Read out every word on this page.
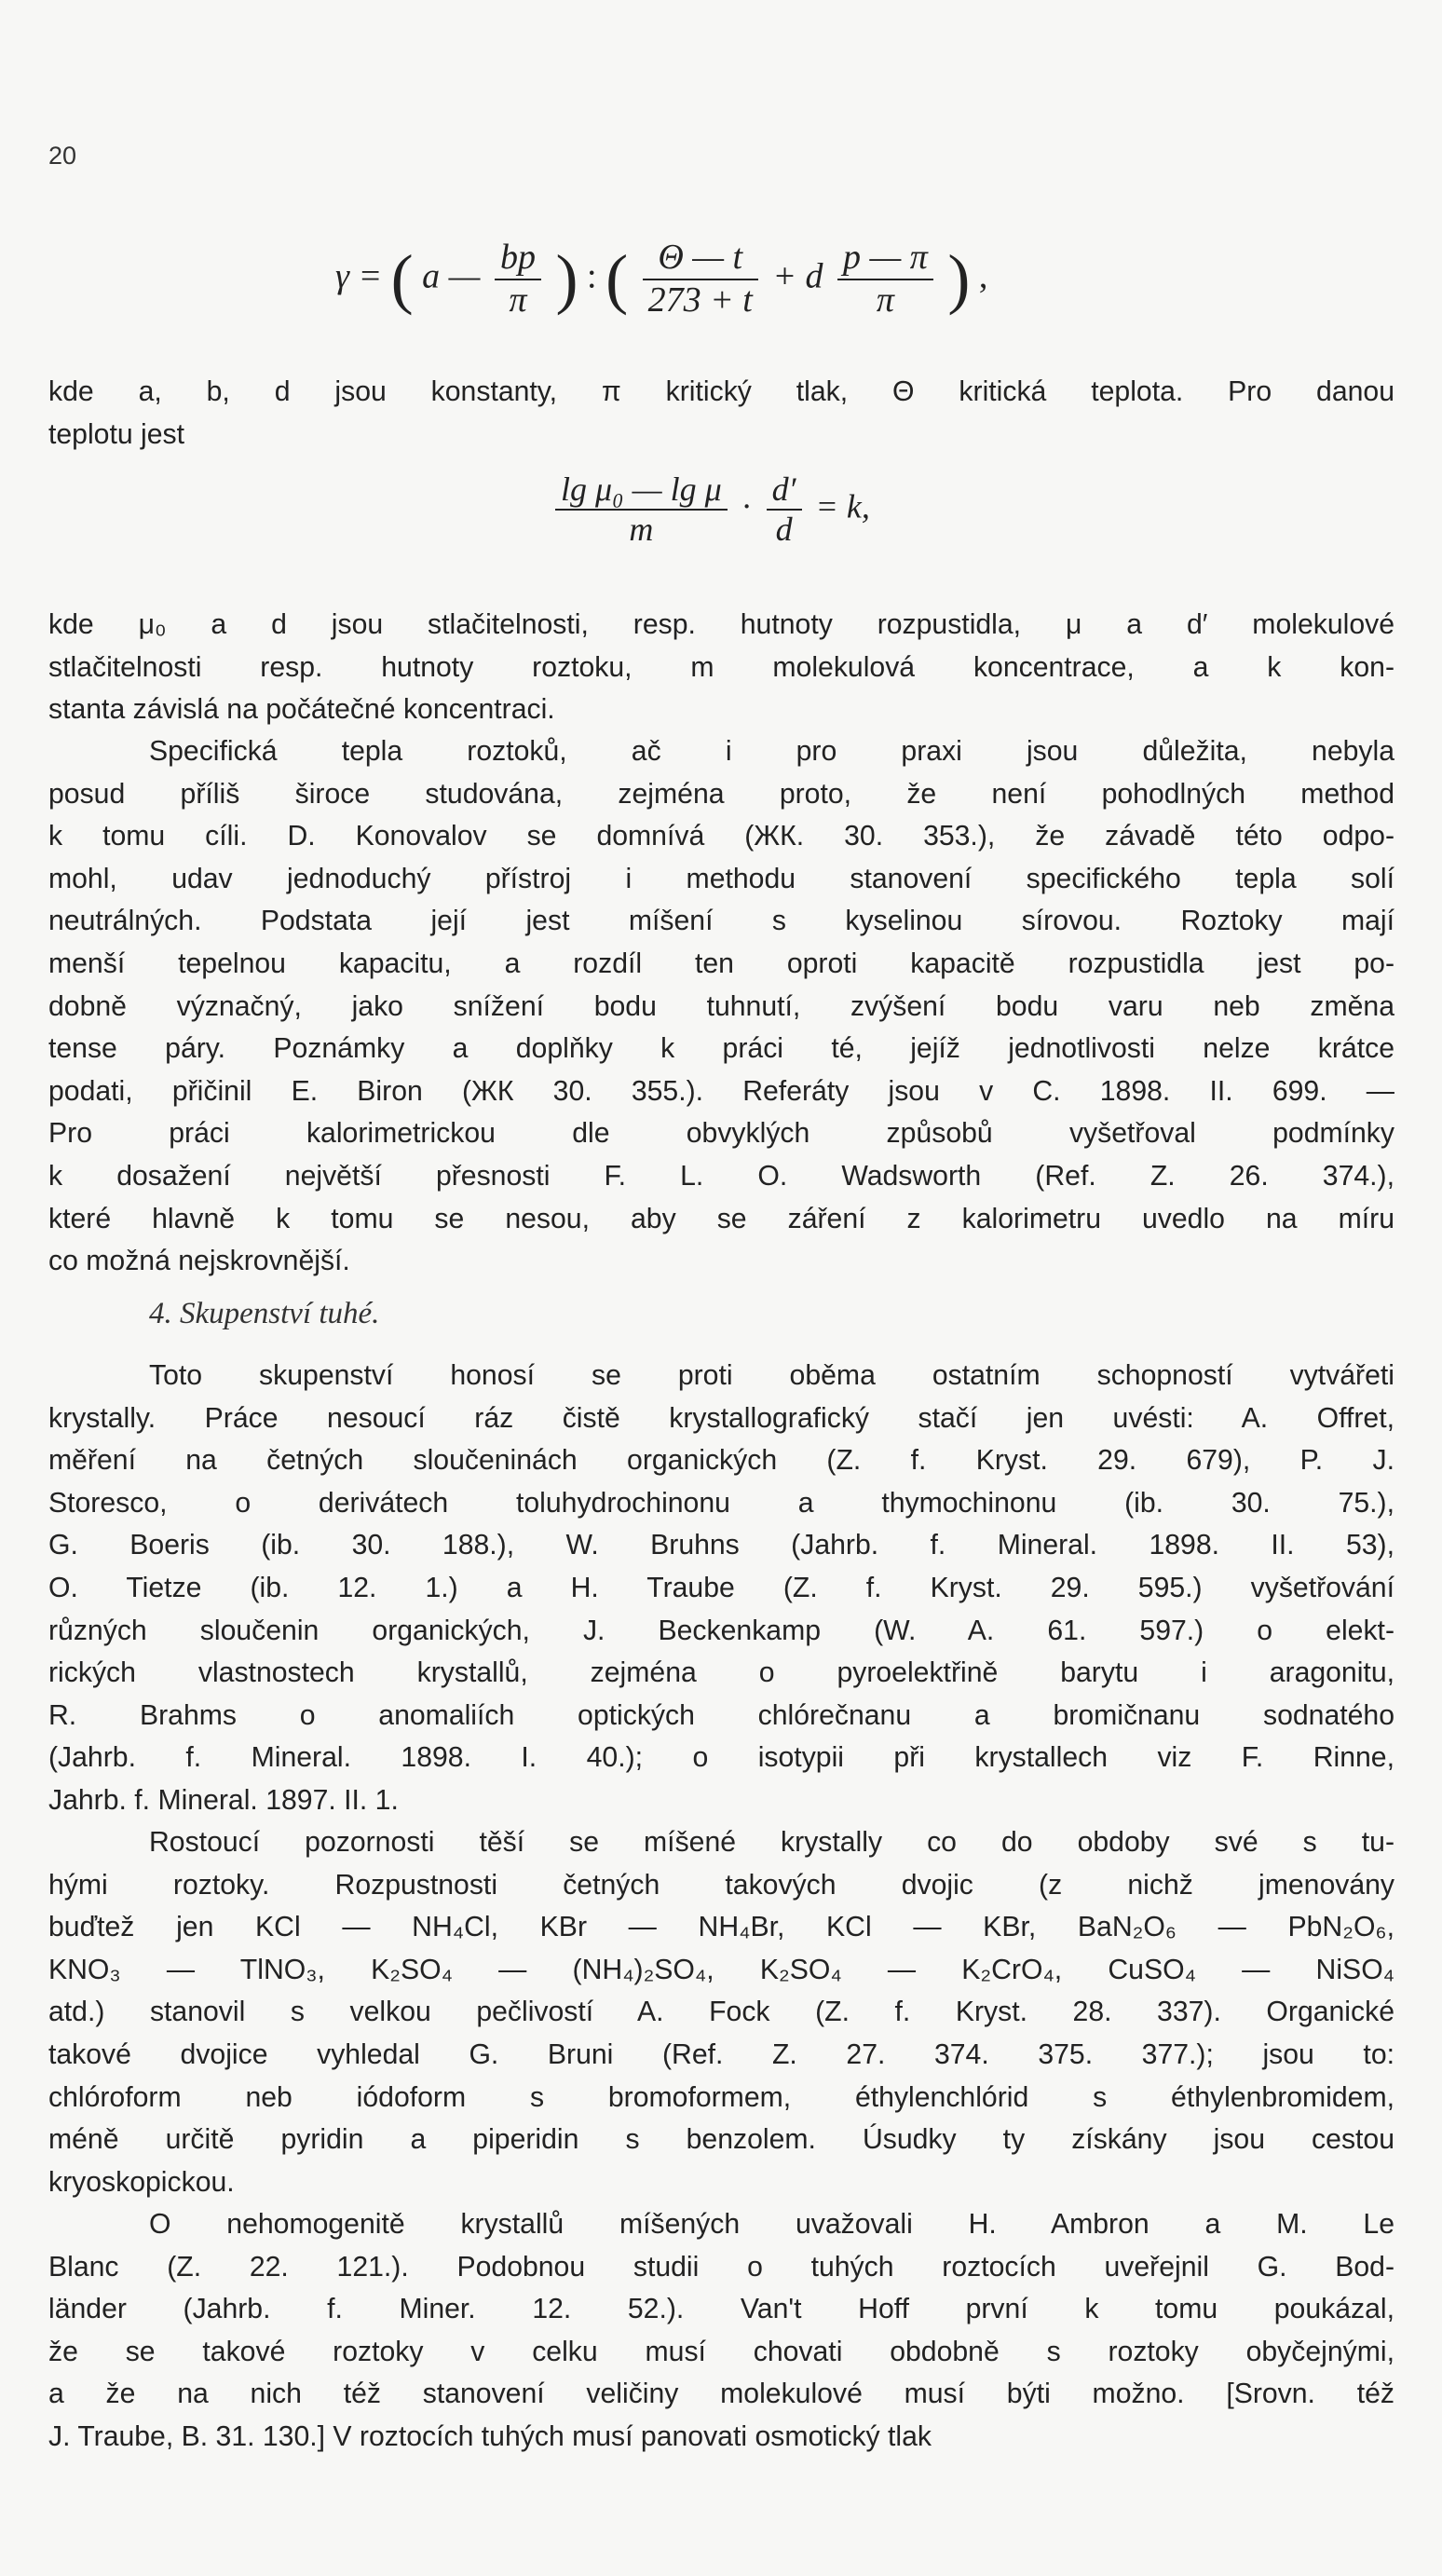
20
γ = ( a — $\frac{bp}{\pi}$ ) : ( $\frac{\Theta — t}{273 + t} + d \frac{p — \pi}{\pi}$ ) ,
kde a, b, d jsou konstanty, π kritický tlak, Θ kritická teplota. Pro danou
teplotu jest
$\frac{\text{lg μ₀ — lg μ}}{m} \cdot \frac{d'}{d} = k$,
kde μ₀ a d jsou stlačitelnosti, resp. hutnoty rozpustidla, μ a d′ molekulové
stlačitelnosti resp. hutnoty roztoku, m molekulová koncentrace, a k kon-
stanta závislá na počátečné koncentraci.
Specifická tepla roztoků, ač i pro praxi jsou důležita, nebyla
posud příliš široce studována, zejména proto, že není pohodlných method
k tomu cíli. D. Konovalov se domnívá (ЖК. 30. 353.), že závadě této odpo-
mohl, udav jednoduchý přístroj i methodu stanovení specifického tepla solí
neutrálných. Podstata její jest míšení s kyselinou sírovou. Roztoky mají
menší tepelnou kapacitu, a rozdíl ten oproti kapacitě rozpustidla jest po-
dobně význačný, jako snížení bodu tuhnutí, zvýšení bodu varu neb změna
tense páry. Poznámky a doplňky k práci té, jejíž jednotlivosti nelze krátce
podati, přičinil E. Biron (ЖК 30. 355.). Referáty jsou v C. 1898. II. 699. —
Pro práci kalorimetrickou dle obvyklých způsobů vyšetřoval podmínky
k dosažení největší přesnosti F. L. O. Wadsworth (Ref. Z. 26. 374.),
které hlavně k tomu se nesou, aby se záření z kalorimetru uvedlo na míru
co možná nejskrovnější.
4. Skupenství tuhé.
Toto skupenství honosí se proti oběma ostatním schopností vytvářeti
krystally. Práce nesoucí ráz čistě krystallografický stačí jen uvésti: A. Offret,
měření na četných sloučeninách organických (Z. f. Kryst. 29. 679), P. J.
Storesco, o derivátech toluhydrochinonu a thymochinonu (ib. 30. 75.),
G. Boeris (ib. 30. 188.), W. Bruhns (Jahrb. f. Mineral. 1898. II. 53),
O. Tietze (ib. 12. 1.) a H. Traube (Z. f. Kryst. 29. 595.) vyšetřování
různých sloučenin organických, J. Beckenkamp (W. A. 61. 597.) o elekt-
rických vlastnostech krystallů, zejména o pyroelektřině barytu i aragonitu,
R. Brahms o anomaliích optických chlórečnanu a bromičnanu sodnatého
(Jahrb. f. Mineral. 1898. I. 40.); o isotypii při krystallech viz F. Rinne,
Jahrb. f. Mineral. 1897. II. 1.
Rostoucí pozornosti těší se míšené krystally co do obdoby své s tu-
hými roztoky. Rozpustnosti četných takových dvojic (z nichž jmenovány
buďtež jen KCl — NH₄Cl, KBr — NH₄Br, KCl — KBr, BaN₂O₆ — PbN₂O₆,
KNO₃ — TlNO₃, K₂SO₄ — (NH₄)₂SO₄, K₂SO₄ — K₂CrO₄, CuSO₄ — NiSO₄
atd.) stanovil s velkou pečlivostí A. Fock (Z. f. Kryst. 28. 337). Organické
takové dvojice vyhledal G. Bruni (Ref. Z. 27. 374. 375. 377.); jsou to:
chlóroform neb iódoform s bromoformem, éthylenchlórid s éthylenbromidem,
méně určitě pyridin a piperidin s benzolem. Úsudky ty získány jsou cestou
kryoskopickou.
O nehomogenitě krystallů míšených uvažovali H. Ambron a M. Le
Blanc (Z. 22. 121.). Podobnou studii o tuhých roztocích uveřejnil G. Bod-
länder (Jahrb. f. Miner. 12. 52.). Van't Hoff první k tomu poukázal,
že se takové roztoky v celku musí chovati obdobně s roztoky obyčejnými,
a že na nich též stanovení veličiny molekulové musí býti možno. [Srovn. též
J. Traube, B. 31. 130.] V roztocích tuhých musí panovati osmotický tlak
